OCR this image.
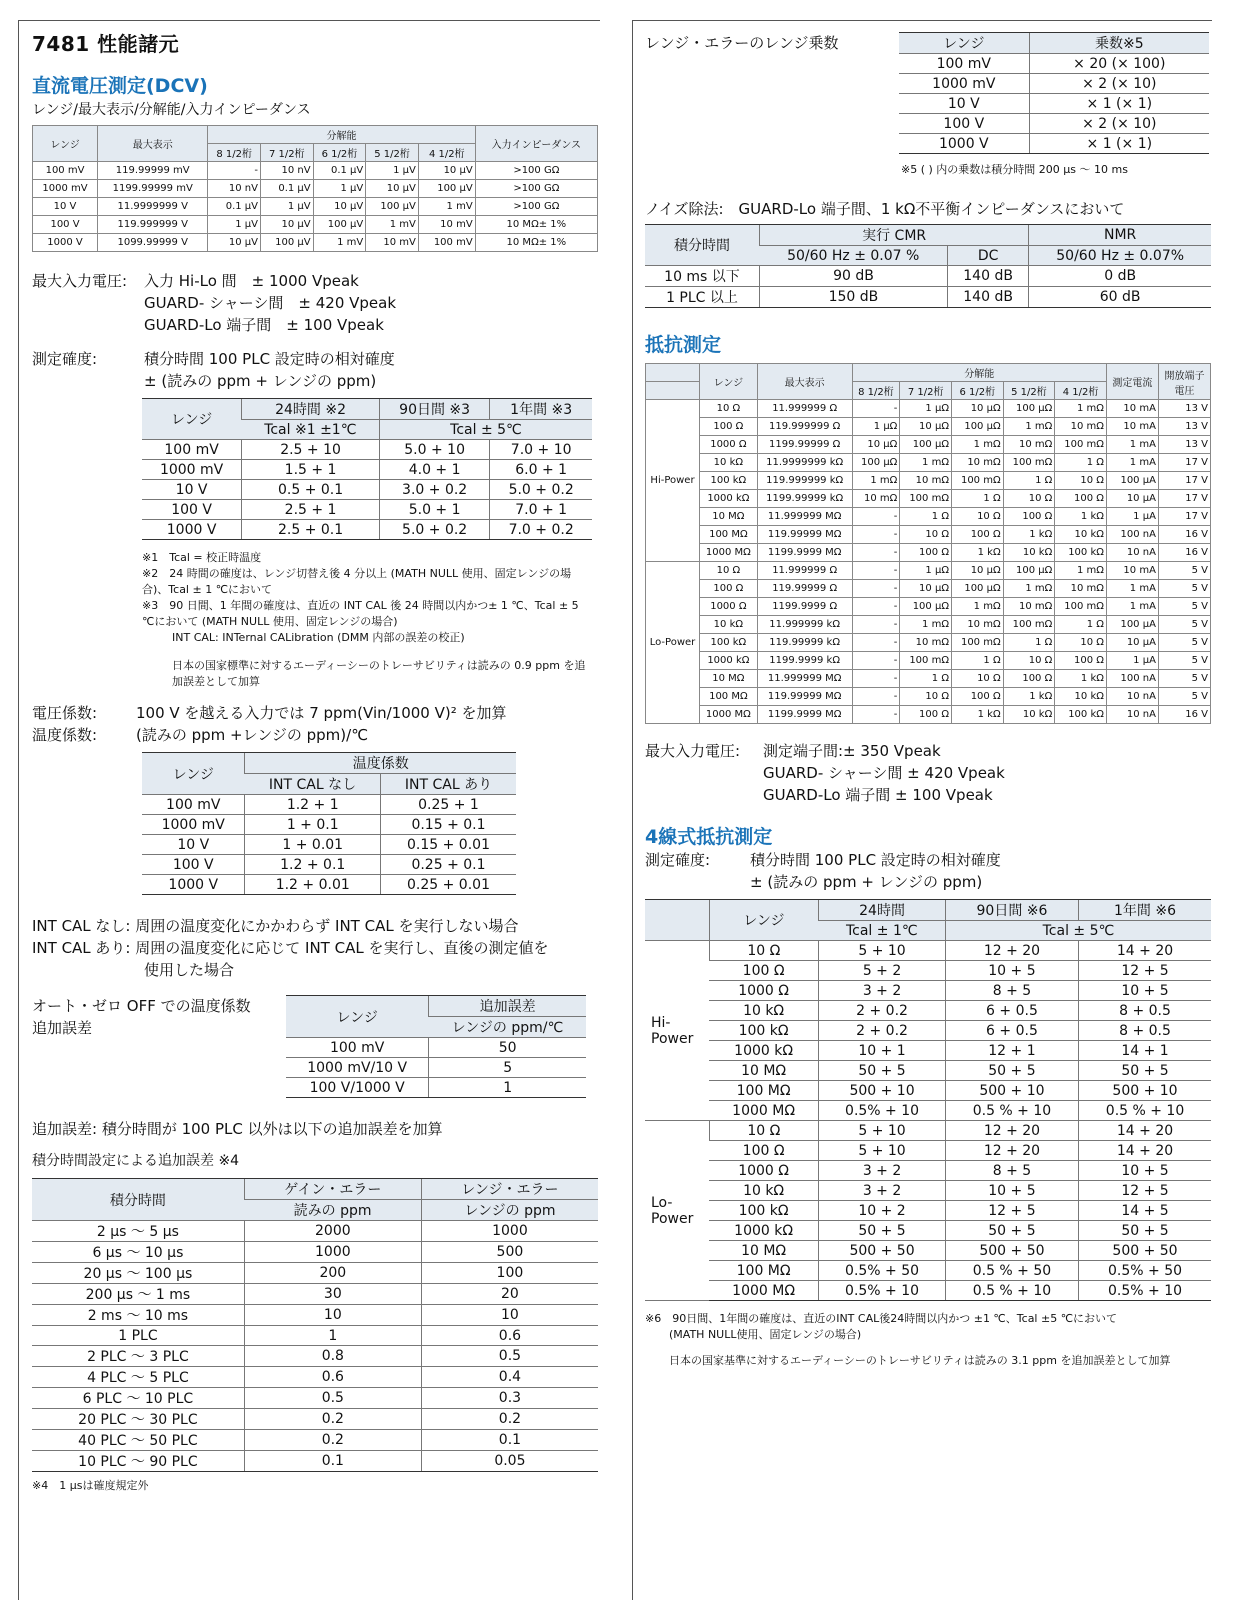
7481 性能諸元
直流電圧測定(DCV)
レンジ/最大表示/分解能/入力インピーダンス
レンジ	最大表示	分解能					入力インピーダンス
		8 1/2桁	7 1/2桁	6 1/2桁	5 1/2桁	4 1/2桁	
100 mV	119.99999 mV	-	10 nV	0.1 μV	1 μV	10 μV	>100 GΩ
1000 mV	1199.99999 mV	10 nV	0.1 μV	1 μV	10 μV	100 μV	>100 GΩ
10 V	11.9999999 V	0.1 μV	1 μV	10 μV	100 μV	1 mV	>100 GΩ
100 V	119.999999 V	1 μV	10 μV	100 μV	1 mV	10 mV	10 MΩ± 1%
1000 V	1099.99999 V	10 μV	100 μV	1 mV	10 mV	100 mV	10 MΩ± 1%
最大入力電圧:	入力 Hi-Lo 間　± 1000 Vpeak
GUARD- シャーシ間　± 420 Vpeak
GUARD-Lo 端子間　± 100 Vpeak
測定確度:	積分時間 100 PLC 設定時の相対確度
± (読みの ppm + レンジの ppm)
レンジ	24時間 ※2	90日間 ※3	1年間 ※3
	Tcal ※1 ±1℃	Tcal ± 5℃	
100 mV	2.5 + 10	5.0 + 10	7.0 + 10
1000 mV	1.5 + 1	4.0 + 1	6.0 + 1
10 V	0.5 + 0.1	3.0 + 0.2	5.0 + 0.2
100 V	2.5 + 1	5.0 + 1	7.0 + 1
1000 V	2.5 + 0.1	5.0 + 0.2	7.0 + 0.2
※1　Tcal = 校正時温度
※2　24 時間の確度は、レンジ切替え後 4 分以上 (MATH NULL 使用、固定レンジの場合)、Tcal ± 1 ℃において
※3　90 日間、1 年間の確度は、直近の INT CAL 後 24 時間以内かつ± 1 ℃、Tcal ± 5 ℃において (MATH NULL 使用、固定レンジの場合)
INT CAL: INTernal CALibration (DMM 内部の誤差の校正)
日本の国家標準に対するエーディーシーのトレーサビリティは読みの 0.9 ppm を追加誤差として加算
電圧係数:	100 V を越える入力では 7 ppm(Vin/1000 V)² を加算
温度係数:	(読みの ppm +レンジの ppm)/℃
レンジ	温度係数	
	INT CAL なし	INT CAL あり
100 mV	1.2 + 1	0.25 + 1
1000 mV	1 + 0.1	0.15 + 0.1
10 V	1 + 0.01	0.15 + 0.01
100 V	1.2 + 0.1	0.25 + 0.1
1000 V	1.2 + 0.01	0.25 + 0.01
INT CAL なし: 周囲の温度変化にかかわらず INT CAL を実行しない場合
INT CAL あり: 周囲の温度変化に応じて INT CAL を実行し、直後の測定値を
使用した場合
オート・ゼロ OFF での温度係数
追加誤差
レンジ	追加誤差
	レンジの ppm/℃
100 mV	50
1000 mV/10 V	5
100 V/1000 V	1
追加誤差: 積分時間が 100 PLC 以外は以下の追加誤差を加算
積分時間設定による追加誤差 ※4
積分時間	ゲイン・エラー	レンジ・エラー
	読みの ppm	レンジの ppm
2 μs ～ 5 μs	2000	1000
6 μs ～ 10 μs	1000	500
20 μs ～ 100 μs	200	100
200 μs ～ 1 ms	30	20
2 ms ～ 10 ms	10	10
1 PLC	1	0.6
2 PLC ～ 3 PLC	0.8	0.5
4 PLC ～ 5 PLC	0.6	0.4
6 PLC ～ 10 PLC	0.5	0.3
20 PLC ～ 30 PLC	0.2	0.2
40 PLC ～ 50 PLC	0.2	0.1
10 PLC ～ 90 PLC	0.1	0.05
※4　1 μsは確度規定外
レンジ・エラーのレンジ乗数	レンジ	乗数※5
100 mV	× 20 (× 100)
1000 mV	× 2 (× 10)
10 V	× 1 (× 1)
100 V	× 2 (× 10)
1000 V	× 1 (× 1)
※5 ( ) 内の乗数は積分時間 200 μs ～ 10 ms
ノイズ除法:　GUARD-Lo 端子間、1 kΩ不平衡インピーダンスにおいて
積分時間	実行 CMR		NMR
	50/60 Hz ± 0.07 %	DC	50/60 Hz ± 0.07%
10 ms 以下	90 dB	140 dB	0 dB
1 PLC 以上	150 dB	140 dB	60 dB
抵抗測定
	レンジ	最大表示	分解能					測定電流	開放端子
電圧
			8 1/2桁	7 1/2桁	6 1/2桁	5 1/2桁	4 1/2桁		
Hi-Power	10 Ω	11.999999 Ω	-	1 μΩ	10 μΩ	100 μΩ	1 mΩ	10 mA	13 V
	100 Ω	119.999999 Ω	1 μΩ	10 μΩ	100 μΩ	1 mΩ	10 mΩ	10 mA	13 V
	1000 Ω	1199.99999 Ω	10 μΩ	100 μΩ	1 mΩ	10 mΩ	100 mΩ	1 mA	13 V
	10 kΩ	11.9999999 kΩ	100 μΩ	1 mΩ	10 mΩ	100 mΩ	1 Ω	1 mA	17 V
	100 kΩ	119.999999 kΩ	1 mΩ	10 mΩ	100 mΩ	1 Ω	10 Ω	100 μA	17 V
	1000 kΩ	1199.99999 kΩ	10 mΩ	100 mΩ	1 Ω	10 Ω	100 Ω	10 μA	17 V
	10 MΩ	11.999999 MΩ	-	1 Ω	10 Ω	100 Ω	1 kΩ	1 μA	17 V
	100 MΩ	119.99999 MΩ	-	10 Ω	100 Ω	1 kΩ	10 kΩ	100 nA	16 V
	1000 MΩ	1199.9999 MΩ	-	100 Ω	1 kΩ	10 kΩ	100 kΩ	10 nA	16 V
Lo-Power	10 Ω	11.999999 Ω	-	1 μΩ	10 μΩ	100 μΩ	1 mΩ	10 mA	5 V
	100 Ω	119.99999 Ω	-	10 μΩ	100 μΩ	1 mΩ	10 mΩ	1 mA	5 V
	1000 Ω	1199.9999 Ω	-	100 μΩ	1 mΩ	10 mΩ	100 mΩ	1 mA	5 V
	10 kΩ	11.999999 kΩ	-	1 mΩ	10 mΩ	100 mΩ	1 Ω	100 μA	5 V
	100 kΩ	119.99999 kΩ	-	10 mΩ	100 mΩ	1 Ω	10 Ω	10 μA	5 V
	1000 kΩ	1199.9999 kΩ	-	100 mΩ	1 Ω	10 Ω	100 Ω	1 μA	5 V
	10 MΩ	11.999999 MΩ	-	1 Ω	10 Ω	100 Ω	1 kΩ	100 nA	5 V
	100 MΩ	119.99999 MΩ	-	10 Ω	100 Ω	1 kΩ	10 kΩ	10 nA	5 V
	1000 MΩ	1199.9999 MΩ	-	100 Ω	1 kΩ	10 kΩ	100 kΩ	10 nA	16 V
最大入力電圧:	測定端子間:± 350 Vpeak
GUARD- シャーシ間 ± 420 Vpeak
GUARD-Lo 端子間 ± 100 Vpeak
4線式抵抗測定
測定確度:	積分時間 100 PLC 設定時の相対確度
± (読みの ppm + レンジの ppm)
	レンジ	24時間	90日間 ※6	1年間 ※6
		Tcal ± 1℃	Tcal ± 5℃	
Hi-Power	10 Ω	5 + 10	12 + 20	14 + 20
	100 Ω	5 + 2	10 + 5	12 + 5
	1000 Ω	3 + 2	8 + 5	10 + 5
	10 kΩ	2 + 0.2	6 + 0.5	8 + 0.5
	100 kΩ	2 + 0.2	6 + 0.5	8 + 0.5
	1000 kΩ	10 + 1	12 + 1	14 + 1
	10 MΩ	50 + 5	50 + 5	50 + 5
	100 MΩ	500 + 10	500 + 10	500 + 10
	1000 MΩ	0.5% + 10	0.5 % + 10	0.5 % + 10
Lo-Power	10 Ω	5 + 10	12 + 20	14 + 20
	100 Ω	5 + 10	12 + 20	14 + 20
	1000 Ω	3 + 2	8 + 5	10 + 5
	10 kΩ	3 + 2	10 + 5	12 + 5
	100 kΩ	10 + 2	12 + 5	14 + 5
	1000 kΩ	50 + 5	50 + 5	50 + 5
	10 MΩ	500 + 50	500 + 50	500 + 50
	100 MΩ	0.5% + 50	0.5 % + 50	0.5% + 50
	1000 MΩ	0.5% + 10	0.5 % + 10	0.5% + 10
※6　90日間、1年間の確度は、直近のINT CAL後24時間以内かつ ±1 ℃、Tcal ±5 ℃において
(MATH NULL使用、固定レンジの場合)
日本の国家基準に対するエーディーシーのトレーサビリティは読みの 3.1 ppm を追加誤差として加算
